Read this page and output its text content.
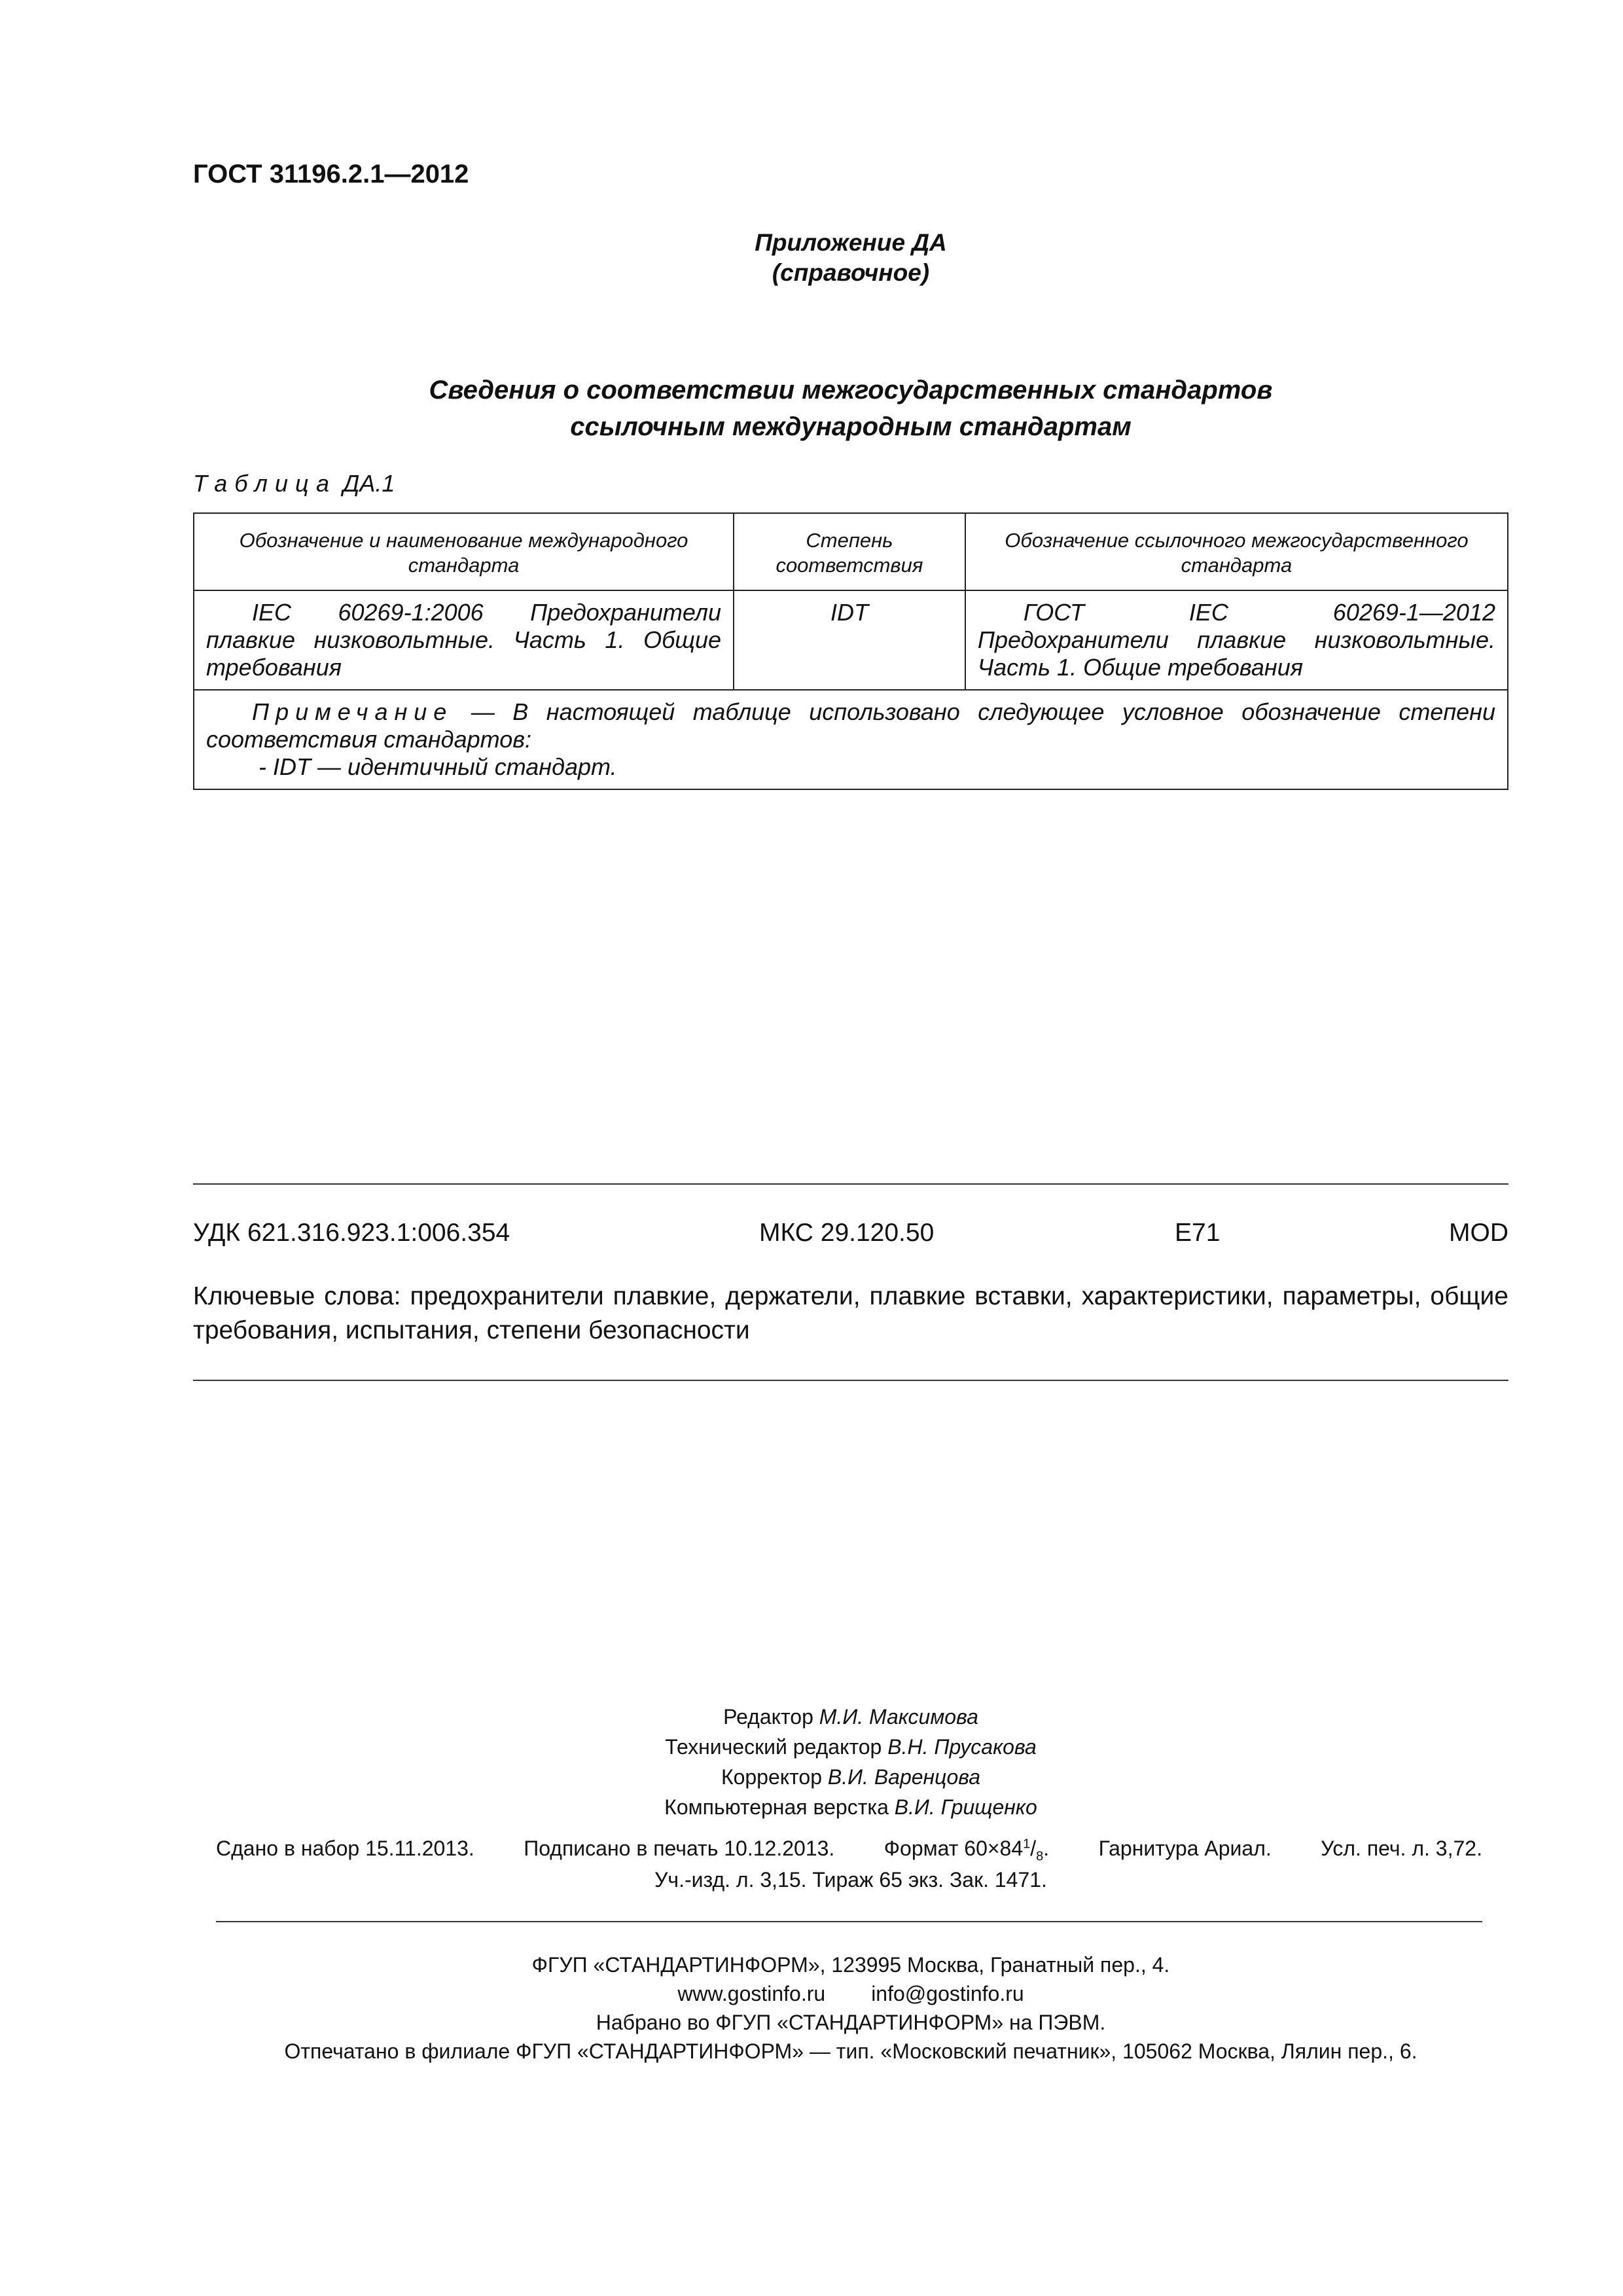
ГОСТ 31196.2.1—2012
Приложение ДА
(справочное)
Сведения о соответствии межгосударственных стандартов
ссылочным международным стандартам
Таблица ДА.1
Обозначение и наименование международного стандарта	Степень соответствия	Обозначение ссылочного межгосударственного стандарта
IEC 60269-1:2006 Предохранители плавкие низковольтные. Часть 1. Общие требования	IDT	ГОСТ IEC 60269-1—2012 Предохранители плавкие низковольтные. Часть 1. Общие требования

Примечание — В настоящей таблице использовано следующее условное обозначение степени соответствия стандартов:
- IDT — идентичный стандарт.		
УДК 621.316.923.1:006.354	МКС 29.120.50	E71	MOD
Ключевые слова: предохранители плавкие, держатели, плавкие вставки, характеристики, параметры, общие требования, испытания, степени безопасности
Редактор М.И. Максимова
Технический редактор В.Н. Прусакова
Корректор В.И. Варенцова
Компьютерная верстка В.И. Грищенко
Сдано в набор 15.11.2013. Подписано в печать 10.12.2013. Формат $60\times 84^1/_8$. Гарнитура Ариал. Усл. печ. л. 3,72.
Уч.-изд. л. 3,15. Тираж 65 экз. Зак. 1471.
ФГУП «СТАНДАРТИНФОРМ», 123995 Москва, Гранатный пер., 4.
www.gostinfo.ru info@gostinfo.ru
Набрано во ФГУП «СТАНДАРТИНФОРМ» на ПЭВМ.
Отпечатано в филиале ФГУП «СТАНДАРТИНФОРМ» — тип. «Московский печатник», 105062 Москва, Лялин пер., 6.
